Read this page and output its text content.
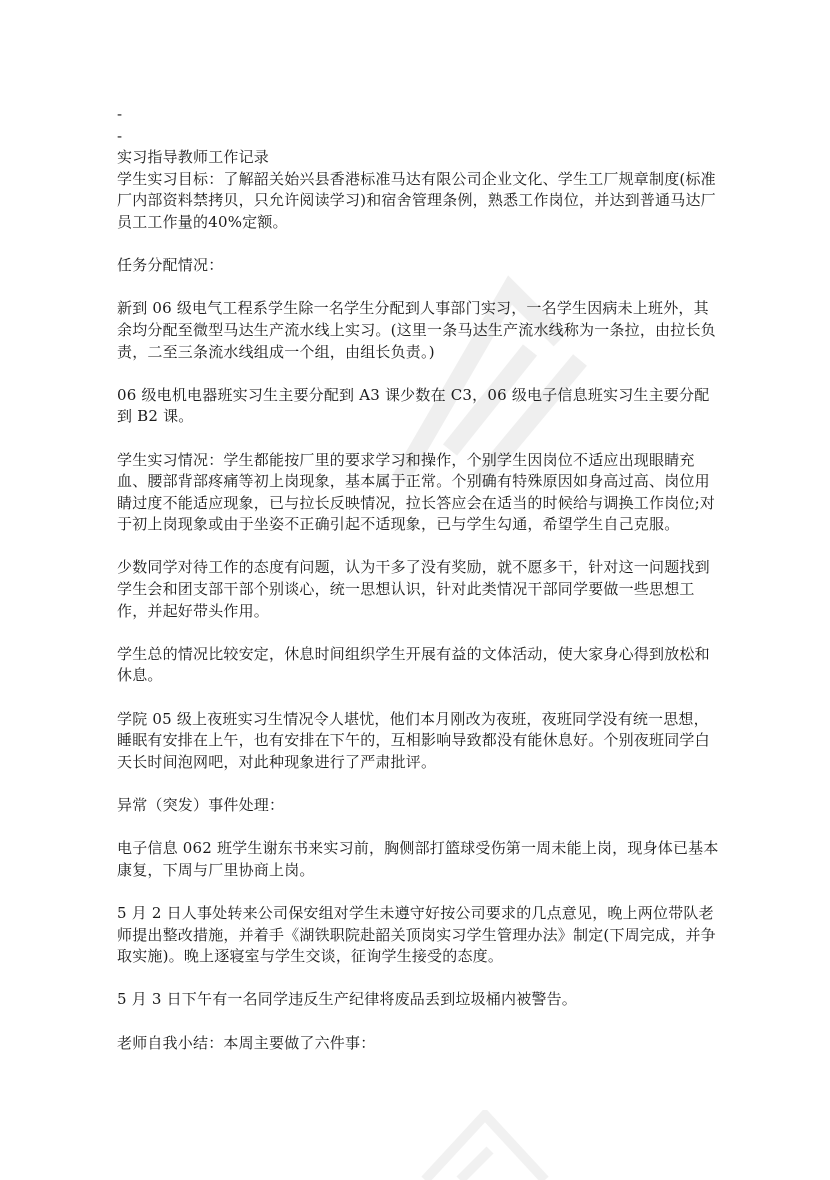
-

-

实习指导教师工作记录

学生实习目标：了解韶关始兴县香港标准马达有限公司企业文化、学生工厂规章制度(标准厂内部资料禁拷贝，只允许阅读学习)和宿舍管理条例，熟悉工作岗位，并达到普通马达厂员工工作量的40%定额。

任务分配情况：

新到 06 级电气工程系学生除一名学生分配到人事部门实习，一名学生因病未上班外，其余均分配至微型马达生产流水线上实习。(这里一条马达生产流水线称为一条拉，由拉长负责，二至三条流水线组成一个组，由组长负责。)

06 级电机电器班实习生主要分配到 A3 课少数在 C3，06 级电子信息班实习生主要分配到 B2 课。

学生实习情况：学生都能按厂里的要求学习和操作，个别学生因岗位不适应出现眼睛充血、腰部背部疼痛等初上岗现象，基本属于正常。个别确有特殊原因如身高过高、岗位用睛过度不能适应现象，已与拉长反映情况，拉长答应会在适当的时候给与调换工作岗位;对于初上岗现象或由于坐姿不正确引起不适现象，已与学生勾通，希望学生自己克服。

少数同学对待工作的态度有问题，认为干多了没有奖励，就不愿多干，针对这一问题找到学生会和团支部干部个别谈心，统一思想认识，针对此类情况干部同学要做一些思想工作，并起好带头作用。

学生总的情况比较安定，休息时间组织学生开展有益的文体活动，使大家身心得到放松和休息。

学院 05 级上夜班实习生情况令人堪忧，他们本月刚改为夜班，夜班同学没有统一思想，睡眠有安排在上午，也有安排在下午的，互相影响导致都没有能休息好。个别夜班同学白天长时间泡网吧，对此种现象进行了严肃批评。

异常（突发）事件处理：

电子信息 062 班学生谢东书来实习前，胸侧部打篮球受伤第一周未能上岗，现身体已基本康复，下周与厂里协商上岗。

5 月 2 日人事处转来公司保安组对学生未遵守好按公司要求的几点意见，晚上两位带队老师提出整改措施，并着手《湖铁职院赴韶关顶岗实习学生管理办法》制定(下周完成，并争取实施)。晚上逐寝室与学生交谈，征询学生接受的态度。

5 月 3 日下午有一名同学违反生产纪律将废品丢到垃圾桶内被警告。

老师自我小结：本周主要做了六件事：
